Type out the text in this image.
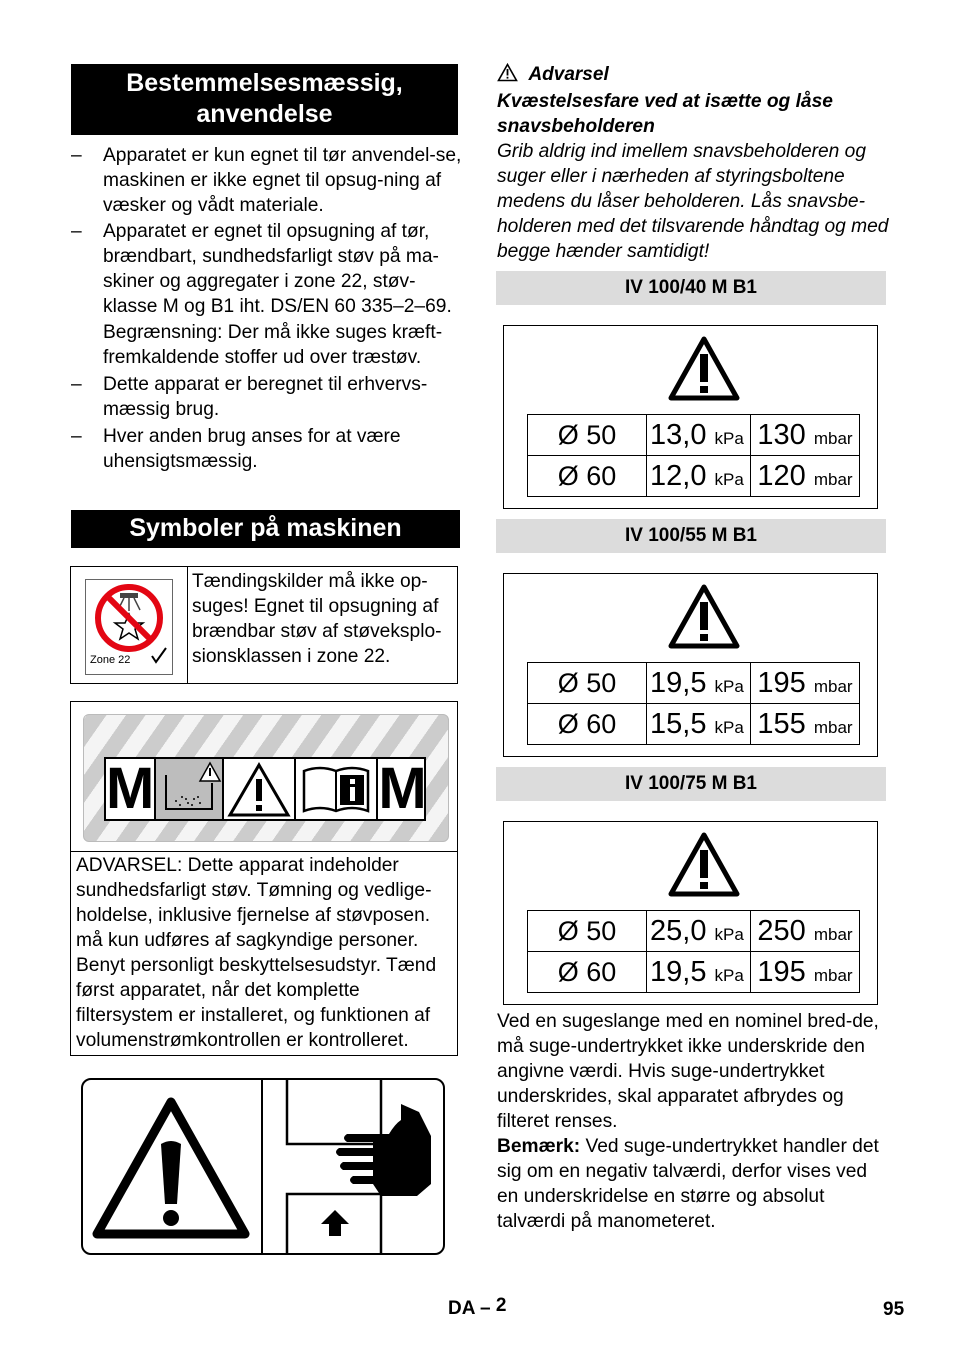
Bestemmelsesmæssig, anvendelse
– Apparatet er kun egnet til tør anvendel-se, maskinen er ikke egnet til opsug-ning af væsker og vådt materiale.
– Apparatet er egnet til opsugning af tør, brændbart, sundhedsfarligt støv på ma-skiner og aggregater i zone 22, støv-klasse M og B1 iht. DS/EN 60 335–2–69.
Begrænsning: Der må ikke suges kræft-fremkaldende stoffer ud over træstøv.
– Dette apparat er beregnet til erhvervs-mæssig brug.
– Hver anden brug anses for at være uhensigtsmæssig.
Symboler på maskinen
Zone 22
Tændingskilder må ikke op-suges! Egnet til opsugning af brændbar støv af støveksplo-sionsklassen i zone 22.
M	M
ADVARSEL: Dette apparat indeholder sundhedsfarligt støv. Tømning og vedlige-holdelse, inklusive fjernelse af støvposen. må kun udføres af sagkyndige personer. Benyt personligt beskyttelsesudstyr. Tænd først apparatet, når det komplette filtersystem er installeret, og funktionen af volumenstrømkontrollen er kontrolleret.
Advarsel
Kvæstelsesfare ved at isætte og låse snavsbeholderen
Grib aldrig ind imellem snavsbeholderen og suger eller i nærheden af styringsboltene medens du låser beholderen. Lås snavsbe-holderen med det tilsvarende håndtag og med begge hænder samtidigt!
IV 100/40 M B1
Ø 50	13,0 kPa	130 mbar
Ø 60	12,0 kPa	120 mbar
IV 100/55 M B1
Ø 50	19,5 kPa	195 mbar
Ø 60	15,5 kPa	155 mbar
IV 100/75 M B1
Ø 50	25,0 kPa	250 mbar
Ø 60	19,5 kPa	195 mbar
Ved en sugeslange med en nominel bred-de, må suge-undertrykket ikke underskride den angivne værdi. Hvis suge-undertrykket underskrides, skal apparatet afbrydes og filteret renses.
Bemærk: Ved suge-undertrykket handler det sig om en negativ talværdi, derfor vises ved en underskridelse en større og absolut talværdi på manometeret.
DA – 2	95
